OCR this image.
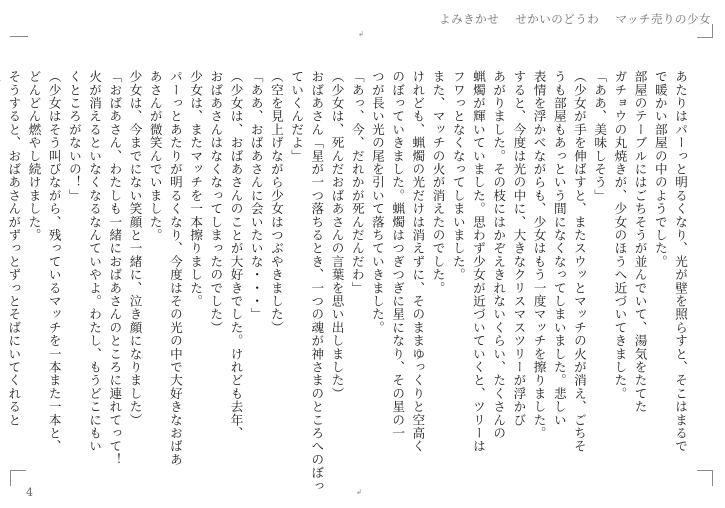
よみきかせ せかいのどうわ マッチ売りの少女
↲
↲
あたりはパーっと明るくなり、光が壁を照らすと、そこはまるで
で暖かい部屋の中のようでした。
部屋のテーブルにはごちそうが並んでいて、湯気をたてた
ガチョウの丸焼きが、少女のほうへ近づいてきました。
「ああ、美味しそう」
（少女が手を伸ばすと、またスウッとマッチの火が消え、ごちそ
うも部屋もあっという間になくなってしまいました。悲しい
表情を浮かべながらも、少女はもう一度マッチを擦りました。
すると、今度は光の中に、大きなクリスマスツリーが浮かび
あがりました。その枝にはかぞえきれないくらい、たくさんの
蝋燭が輝いていました。思わず少女が近づいていくと、ツリーは
フワっとなくなってしまいました。
また、マッチの火が消えたのでした。
けれども、蝋燭の光だけは消えずに、そのままゆっくりと空高く
のぼっていきました。蝋燭はつぎつぎに星になり、その星の一
つが長い光の尾を引いて落ちていきました。
「あっ、今、だれかが死んだんだわ」
（少女は、死んだおばあさんの言葉を思い出しました）
おばあさん「星が一つ落ちるとき、一つの魂が神さまのところへのぼっ
ていくんだよ」
（空を見上げながら少女はつぶやきました）
「ああ、おばあさんに会いたいな・・・」
（少女は、おばあさんのことが大好きでした。けれども去年、
おばあさんはなくなってしまったのでした）
少女は、またマッチを一本擦りました。
パーっとあたりが明るくなり、今度はその光の中で大好きなおばあ
あさんが微笑んでいました。
少女は、今までにない笑顔と一緒に、泣き顔になりました）
「おばあさん、わたしも一緒におばあさんのところに連れてって！
火が消えるといなくなるなんていやよ。わたし、もうどこにもい
くところがないの！」
（少女はそう叫びながら、残っているマッチを一本また一本と、
どんどん燃やし続けました。
そうすると、おばあさんがずっとずっとそばにいてくれると
4
